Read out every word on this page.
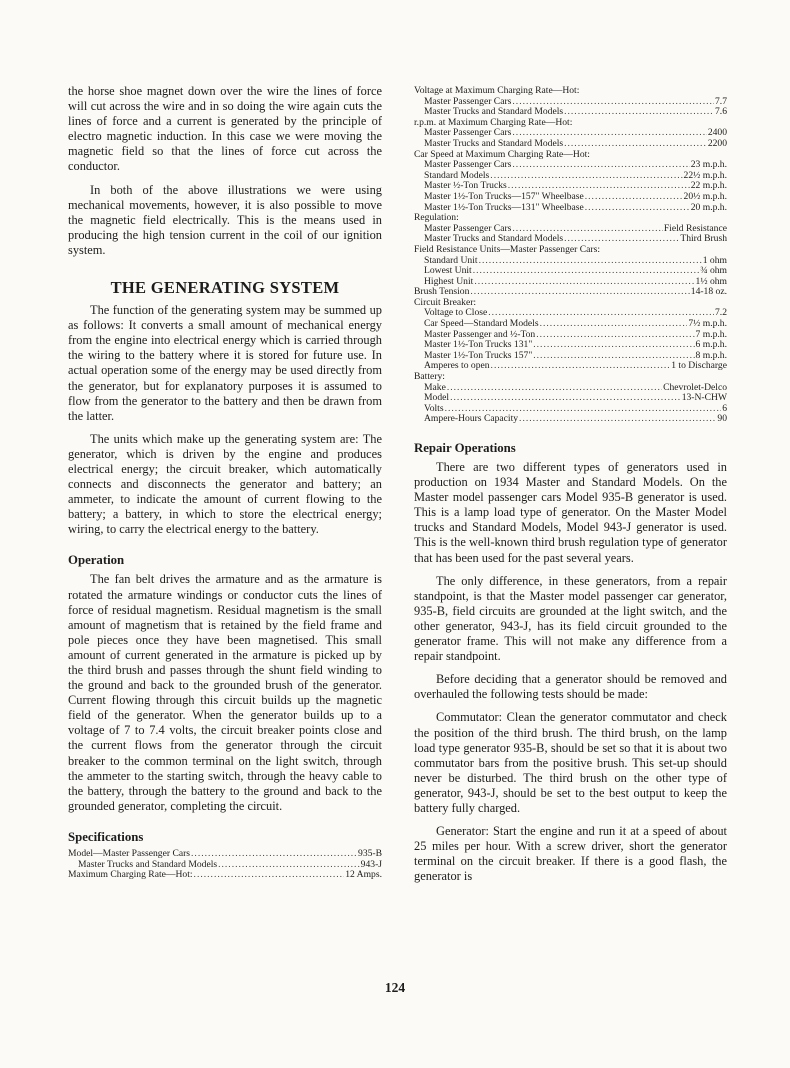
the horse shoe magnet down over the wire the lines of force will cut across the wire and in so doing the wire again cuts the lines of force and a current is generated by the principle of electro magnetic induction. In this case we were moving the magnetic field so that the lines of force cut across the conductor.

In both of the above illustrations we were using mechanical movements, however, it is also possible to move the magnetic field electrically. This is the means used in producing the high tension current in the coil of our ignition system.

THE GENERATING SYSTEM

The function of the generating system may be summed up as follows: It converts a small amount of mechanical energy from the engine into electrical energy which is carried through the wiring to the battery where it is stored for future use. In actual operation some of the energy may be used directly from the generator, but for explanatory purposes it is assumed to flow from the generator to the battery and then be drawn from the latter.

The units which make up the generating system are: The generator, which is driven by the engine and produces electrical energy; the circuit breaker, which automatically connects and disconnects the generator and battery; an ammeter, to indicate the amount of current flowing to the battery; a battery, in which to store the electrical energy; wiring, to carry the electrical energy to the battery.

Operation

The fan belt drives the armature and as the armature is rotated the armature windings or conductor cuts the lines of force of residual magnetism. Residual magnetism is the small amount of magnetism that is retained by the field frame and pole pieces once they have been magnetised. This small amount of current generated in the armature is picked up by the third brush and passes through the shunt field winding to the ground and back to the grounded brush of the generator. Current flowing through this circuit builds up the magnetic field of the generator. When the generator builds up to a voltage of 7 to 7.4 volts, the circuit breaker points close and the current flows from the generator through the circuit breaker to the common terminal on the light switch, through the ammeter to the starting switch, through the heavy cable to the battery, through the battery to the ground and back to the grounded generator, completing the circuit.

Specifications
Model—Master Passenger Cars .....	935-B
Master Trucks and Standard Models .....	943-J
Maximum Charging Rate—Hot: .....	12 Amps.
Voltage at Maximum Charging Rate—Hot:
Master Passenger Cars .....	7.7
Master Trucks and Standard Models .....	7.6
r.p.m. at Maximum Charging Rate—Hot:
Master Passenger Cars .....	2400
Master Trucks and Standard Models .....	2200
Car Speed at Maximum Charging Rate—Hot:
Master Passenger Cars .....	23 m.p.h.
Standard Models .....	22½ m.p.h.
Master ½-Ton Trucks .....	22 m.p.h.
Master 1½-Ton Trucks—157" Wheelbase .....	20½ m.p.h.
Master 1½-Ton Trucks—131" Wheelbase .....	20 m.p.h.
Regulation:
Master Passenger Cars .....	Field Resistance
Master Trucks and Standard Models .....	Third Brush
Field Resistance Units—Master Passenger Cars:
Standard Unit .....	1 ohm
Lowest Unit .....	¾ ohm
Highest Unit .....	1½ ohm
Brush Tension .....	14-18 oz.
Circuit Breaker:
Voltage to Close .....	7.2
Car Speed—Standard Models .....	7½ m.p.h.
Master Passenger and ½-Ton .....	7 m.p.h.
Master 1½-Ton Trucks 131" .....	6 m.p.h.
Master 1½-Ton Trucks 157" .....	8 m.p.h.
Amperes to open .....	1 to Discharge
Battery:
Make .....	Chevrolet-Delco
Model .....	13-N-CHW
Volts .....	6
Ampere-Hours Capacity .....	90
Repair Operations

There are two different types of generators used in production on 1934 Master and Standard Models. On the Master model passenger cars Model 935-B generator is used. This is a lamp load type of generator. On the Master Model trucks and Standard Models, Model 943-J generator is used. This is the well-known third brush regulation type of generator that has been used for the past several years.

The only difference, in these generators, from a repair standpoint, is that the Master model passenger car generator, 935-B, field circuits are grounded at the light switch, and the other generator, 943-J, has its field circuit grounded to the generator frame. This will not make any difference from a repair standpoint.

Before deciding that a generator should be removed and overhauled the following tests should be made:

Commutator: Clean the generator commutator and check the position of the third brush. The third brush, on the lamp load type generator 935-B, should be set so that it is about two commutator bars from the positive brush. This set-up should never be disturbed. The third brush on the other type of generator, 943-J, should be set to the best output to keep the battery fully charged.

Generator: Start the engine and run it at a speed of about 25 miles per hour. With a screw driver, short the generator terminal on the circuit breaker. If there is a good flash, the generator is

124
